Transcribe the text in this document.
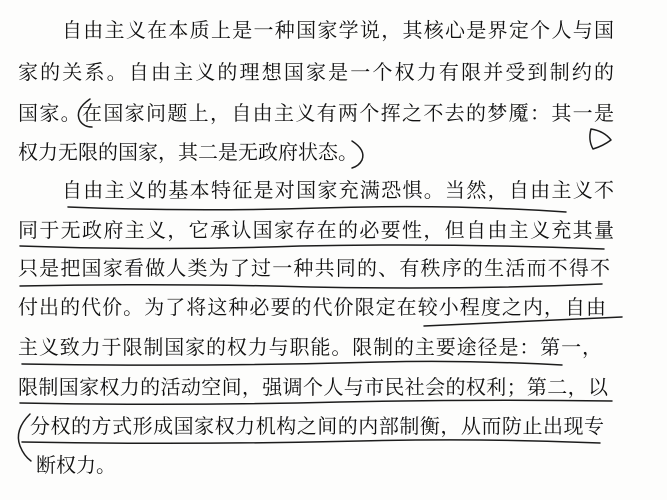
自由主义在本质上是一种国家学说，其核心是界定个人与国
家的关系。自由主义的理想国家是一个权力有限并受到制约的
国家。在国家问题上，自由主义有两个挥之不去的梦魇：其一是
权力无限的国家，其二是无政府状态。
自由主义的基本特征是对国家充满恐惧。当然，自由主义不
同于无政府主义，它承认国家存在的必要性，但自由主义充其量
只是把国家看做人类为了过一种共同的、有秩序的生活而不得不
付出的代价。为了将这种必要的代价限定在较小程度之内，自由
主义致力于限制国家的权力与职能。限制的主要途径是：第一，
限制国家权力的活动空间，强调个人与市民社会的权利；第二，以
分权的方式形成国家权力机构之间的内部制衡，从而防止出现专
断权力。
